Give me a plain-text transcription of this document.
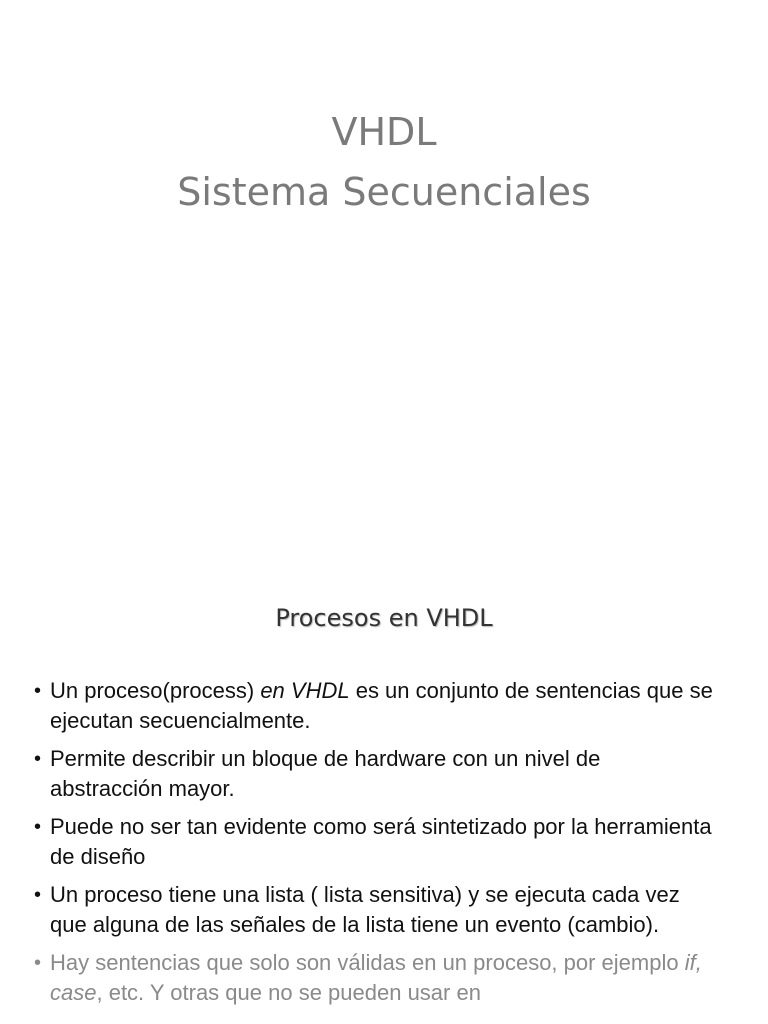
VHDL
Sistema Secuenciales
Procesos en VHDL
• Un proceso(process) en VHDL es un conjunto de sentencias que se ejecutan secuencialmente.
• Permite describir un bloque de hardware con un nivel de abstracción mayor.
• Puede no ser tan evidente como será sintetizado por la herramienta de diseño
• Un proceso tiene una lista ( lista sensitiva) y se ejecuta cada vez que alguna de las señales de la lista tiene un evento (cambio).
• Hay sentencias que solo son válidas en un proceso, por ejemplo if, case, etc. Y otras que no se pueden usar en
